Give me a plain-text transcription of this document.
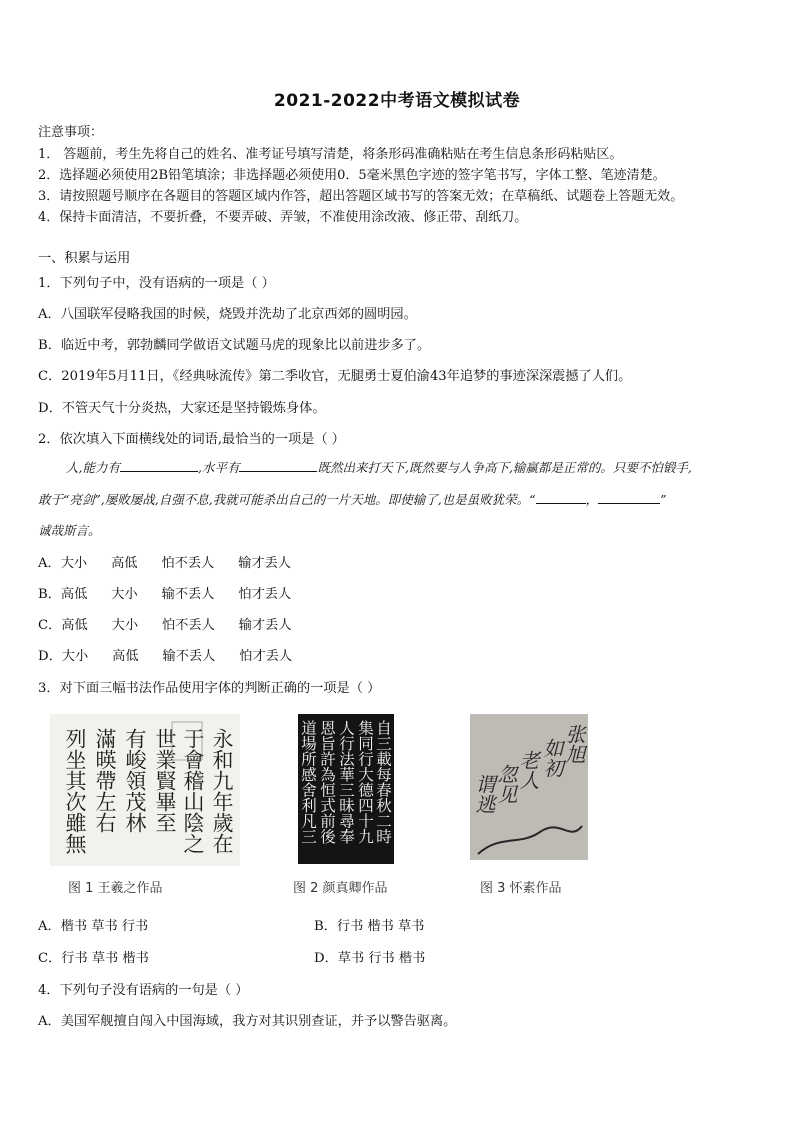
2021-2022中考语文模拟试卷
注意事项：
1． 答题前，考生先将自己的姓名、准考证号填写清楚，将条形码准确粘贴在考生信息条形码粘贴区。
2．选择题必须使用2B铅笔填涂；非选择题必须使用0．5毫米黑色字迹的签字笔书写，字体工整、笔迹清楚。
3．请按照题号顺序在各题目的答题区域内作答，超出答题区域书写的答案无效；在草稿纸、试题卷上答题无效。
4．保持卡面清洁，不要折叠，不要弄破、弄皱，不准使用涂改液、修正带、刮纸刀。
一、积累与运用
1．下列句子中，没有语病的一项是（ ）
A．八国联军侵略我国的时候，烧毁并洗劫了北京西郊的圆明园。
B．临近中考，郭勃麟同学做语文试题马虎的现象比以前进步多了。
C．2019年5月11日，《经典咏流传》第二季收官，无腿勇士夏伯渝43年追梦的事迹深深震撼了人们。
D．不管天气十分炎热，大家还是坚持锻炼身体。
2．依次填入下面横线处的词语,最恰当的一项是（ ）
人,能力有	,水平有	既然出来打天下,既然要与人争高下,输赢都是正常的。只要不怕锻手,
敢于“亮剑”,屡败屡战,自强不息,我就可能杀出自己的一片天地。即使输了,也是虽败犹荣。“	，	”
诚哉斯言。
A．大小 高低 怕不丢人 输才丢人
B．高低 大小 输不丢人 怕才丢人
C．高低 大小 怕不丢人 输才丢人
D．大小 高低 输不丢人 怕才丢人
3．对下面三幅书法作品使用字体的判断正确的一项是（ ）
永和九年歲在
于會稽山陰之
世業賢畢至
有峻領茂林
滿暎帶左右
列坐其次雖無
图 1 王羲之作品
自三載每春秋二時
集同行大德四十九
人行法華三昧尋奉
恩旨許為恒式前後
道場所感舍利凡三
图 2 颜真卿作品
张旭
如初
老人
忽见
谓逃
图 3 怀素作品
A．楷书 草书 行书	B．行书 楷书 草书
C．行书 草书 楷书	D．草书 行书 楷书
4．下列句子没有语病的一句是（ ）
A．美国军舰擅自闯入中国海域，我方对其识别查证，并予以警告驱离。
